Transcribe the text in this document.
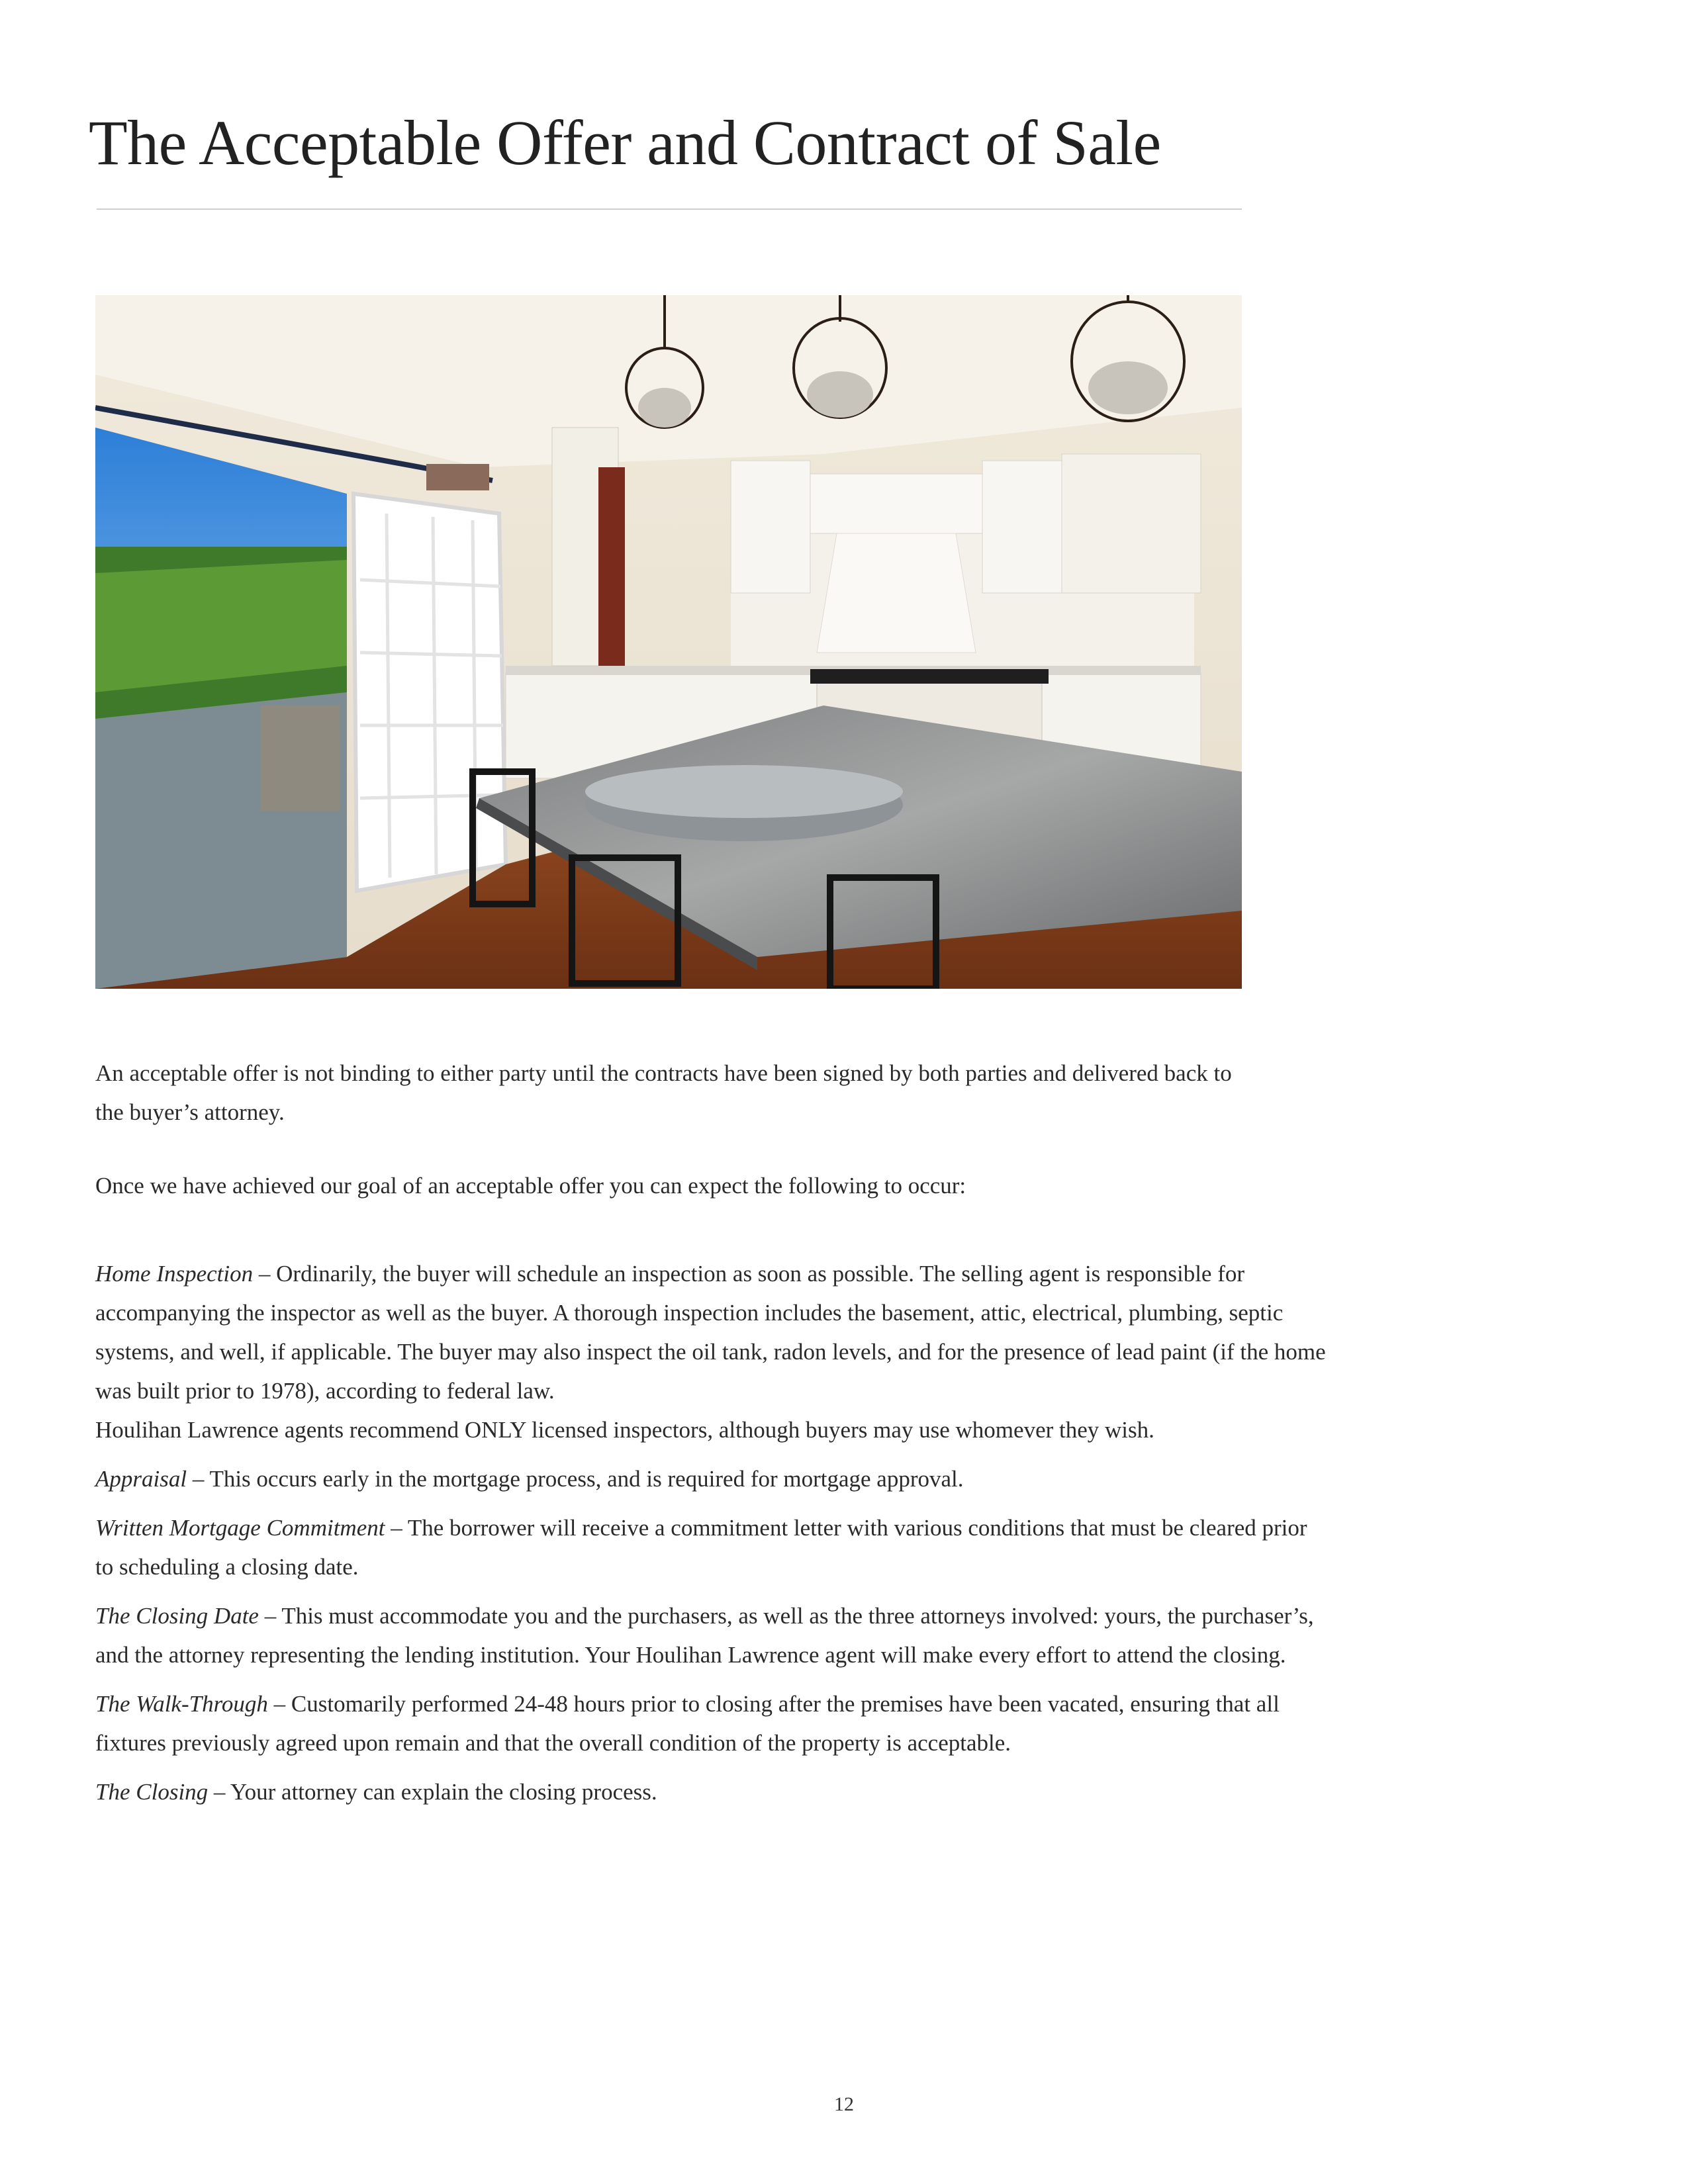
The Acceptable Offer and Contract of Sale

An acceptable offer is not binding to either party until the contracts have been signed by both parties and delivered back to the buyer’s attorney.

Once we have achieved our goal of an acceptable offer you can expect the following to occur:

Home Inspection – Ordinarily, the buyer will schedule an inspection as soon as possible. The selling agent is responsible for accompanying the inspector as well as the buyer. A thorough inspection includes the basement, attic, electrical, plumbing, septic systems, and well, if applicable. The buyer may also inspect the oil tank, radon levels, and for the presence of lead paint (if the home was built prior to 1978), according to federal law.

Houlihan Lawrence agents recommend ONLY licensed inspectors, although buyers may use whomever they wish.

Appraisal – This occurs early in the mortgage process, and is required for mortgage approval.

Written Mortgage Commitment – The borrower will receive a commitment letter with various conditions that must be cleared prior to scheduling a closing date.

The Closing Date – This must accommodate you and the purchasers, as well as the three attorneys involved: yours, the purchaser’s, and the attorney representing the lending institution. Your Houlihan Lawrence agent will make every effort to attend the closing.

The Walk-Through – Customarily performed 24-48 hours prior to closing after the premises have been vacated, ensuring that all fixtures previously agreed upon remain and that the overall condition of the property is acceptable.

The Closing – Your attorney can explain the closing process.

12
